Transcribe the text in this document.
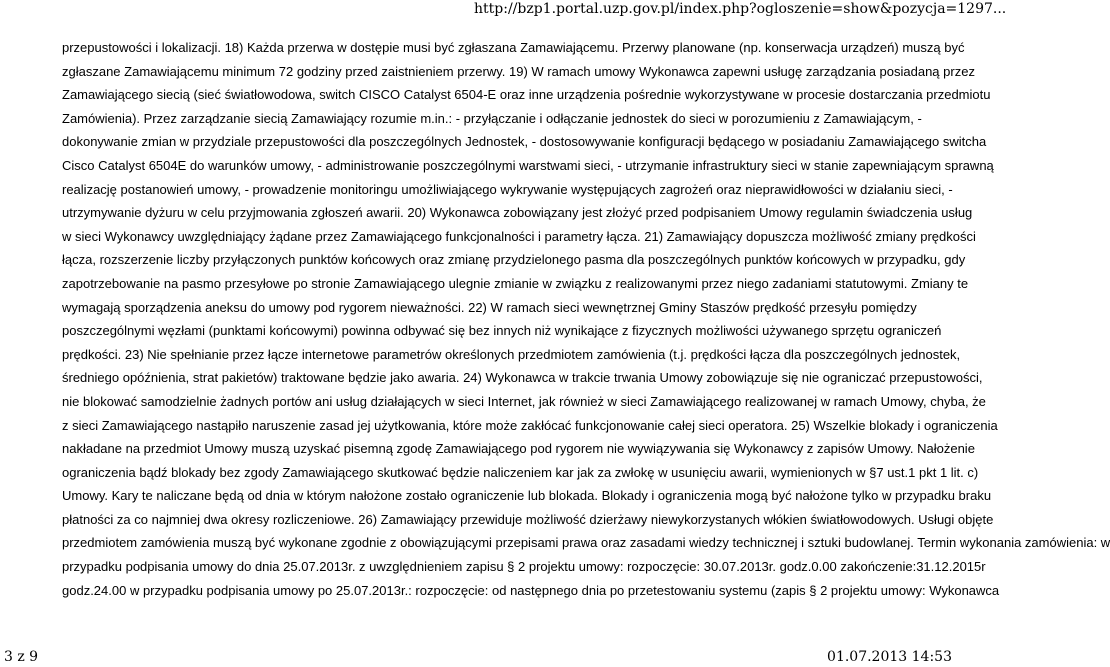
http://bzp1.portal.uzp.gov.pl/index.php?ogloszenie=show&pozycja=1297...
przepustowości i lokalizacji. 18) Każda przerwa w dostępie musi być zgłaszana Zamawiającemu. Przerwy planowane (np. konserwacja urządzeń) muszą być
zgłaszane Zamawiającemu minimum 72 godziny przed zaistnieniem przerwy. 19) W ramach umowy Wykonawca zapewni usługę zarządzania posiadaną przez
Zamawiającego siecią (sieć światłowodowa, switch CISCO Catalyst 6504-E oraz inne urządzenia pośrednie wykorzystywane w procesie dostarczania przedmiotu
Zamówienia). Przez zarządzanie siecią Zamawiający rozumie m.in.: - przyłączanie i odłączanie jednostek do sieci w porozumieniu z Zamawiającym, -
dokonywanie zmian w przydziale przepustowości dla poszczególnych Jednostek, - dostosowywanie konfiguracji będącego w posiadaniu Zamawiającego switcha
Cisco Catalyst 6504E do warunków umowy, - administrowanie poszczególnymi warstwami sieci, - utrzymanie infrastruktury sieci w stanie zapewniającym sprawną
realizację postanowień umowy, - prowadzenie monitoringu umożliwiającego wykrywanie występujących zagrożeń oraz nieprawidłowości w działaniu sieci, -
utrzymywanie dyżuru w celu przyjmowania zgłoszeń awarii. 20) Wykonawca zobowiązany jest złożyć przed podpisaniem Umowy regulamin świadczenia usług
w sieci Wykonawcy uwzględniający żądane przez Zamawiającego funkcjonalności i parametry łącza. 21) Zamawiający dopuszcza możliwość zmiany prędkości
łącza, rozszerzenie liczby przyłączonych punktów końcowych oraz zmianę przydzielonego pasma dla poszczególnych punktów końcowych w przypadku, gdy
zapotrzebowanie na pasmo przesyłowe po stronie Zamawiającego ulegnie zmianie w związku z realizowanymi przez niego zadaniami statutowymi. Zmiany te
wymagają sporządzenia aneksu do umowy pod rygorem nieważności. 22) W ramach sieci wewnętrznej Gminy Staszów prędkość przesyłu pomiędzy
poszczególnymi węzłami (punktami końcowymi) powinna odbywać się bez innych niż wynikające z fizycznych możliwości używanego sprzętu ograniczeń
prędkości. 23) Nie spełnianie przez łącze internetowe parametrów określonych przedmiotem zamówienia (t.j. prędkości łącza dla poszczególnych jednostek,
średniego opóźnienia, strat pakietów) traktowane będzie jako awaria. 24) Wykonawca w trakcie trwania Umowy zobowiązuje się nie ograniczać przepustowości,
nie blokować samodzielnie żadnych portów ani usług działających w sieci Internet, jak również w sieci Zamawiającego realizowanej w ramach Umowy, chyba, że
z sieci Zamawiającego nastąpiło naruszenie zasad jej użytkowania, które może zakłócać funkcjonowanie całej sieci operatora. 25) Wszelkie blokady i ograniczenia
nakładane na przedmiot Umowy muszą uzyskać pisemną zgodę Zamawiającego pod rygorem nie wywiązywania się Wykonawcy z zapisów Umowy. Nałożenie
ograniczenia bądź blokady bez zgody Zamawiającego skutkować będzie naliczeniem kar jak za zwłokę w usunięciu awarii, wymienionych w §7 ust.1 pkt 1 lit. c)
Umowy. Kary te naliczane będą od dnia w którym nałożone zostało ograniczenie lub blokada. Blokady i ograniczenia mogą być nałożone tylko w przypadku braku
płatności za co najmniej dwa okresy rozliczeniowe. 26) Zamawiający przewiduje możliwość dzierżawy niewykorzystanych włókien światłowodowych. Usługi objęte
przedmiotem zamówienia muszą być wykonane zgodnie z obowiązującymi przepisami prawa oraz zasadami wiedzy technicznej i sztuki budowlanej. Termin wykonania zamówienia: w
przypadku podpisania umowy do dnia 25.07.2013r. z uwzględnieniem zapisu § 2 projektu umowy: rozpoczęcie: 30.07.2013r. godz.0.00 zakończenie:31.12.2015r
godz.24.00 w przypadku podpisania umowy po 25.07.2013r.: rozpoczęcie: od następnego dnia po przetestowaniu systemu (zapis § 2 projektu umowy: Wykonawca
3 z 9	01.07.2013 14:53
